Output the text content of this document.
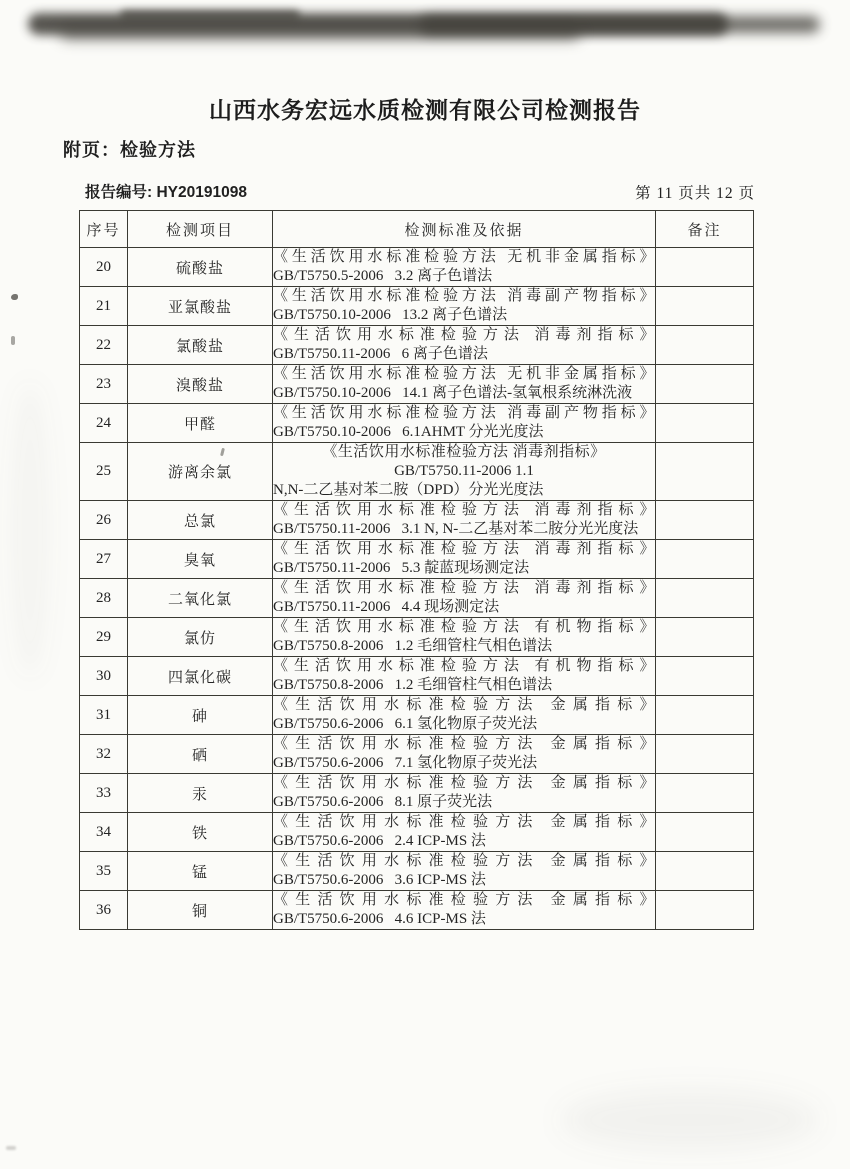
山西水务宏远水质检测有限公司检测报告
附页：检验方法
报告编号: HY20191098	第 11 页共 12 页
序号	检测项目	检测标准及依据	备注
20	硫酸盐	《生活饮用水标准检验方法 无机非金属指标》
GB/T5750.5-2006   3.2 离子色谱法	

21	亚氯酸盐	《生活饮用水标准检验方法 消毒副产物指标》
GB/T5750.10-2006   13.2 离子色谱法	

22	氯酸盐	《生活饮用水标准检验方法 消毒剂指标》
GB/T5750.11-2006   6 离子色谱法	

23	溴酸盐	《生活饮用水标准检验方法 无机非金属指标》
GB/T5750.10-2006   14.1 离子色谱法-氢氧根系统淋洗液	

24	甲醛	《生活饮用水标准检验方法 消毒副产物指标》
GB/T5750.10-2006   6.1AHMT 分光光度法	

25	游离余氯	《生活饮用水标准检验方法 消毒剂指标》
GB/T5750.11-2006 1.1
N,N-二乙基对苯二胺（DPD）分光光度法	

26	总氯	《生活饮用水标准检验方法 消毒剂指标》
GB/T5750.11-2006   3.1 N, N-二乙基对苯二胺分光光度法	

27	臭氧	《生活饮用水标准检验方法 消毒剂指标》
GB/T5750.11-2006   5.3 靛蓝现场测定法	

28	二氧化氯	《生活饮用水标准检验方法 消毒剂指标》
GB/T5750.11-2006   4.4 现场测定法	

29	氯仿	《生活饮用水标准检验方法 有机物指标》
GB/T5750.8-2006   1.2 毛细管柱气相色谱法	

30	四氯化碳	《生活饮用水标准检验方法 有机物指标》
GB/T5750.8-2006   1.2 毛细管柱气相色谱法	

31	砷	《生活饮用水标准检验方法 金属指标》
GB/T5750.6-2006   6.1 氢化物原子荧光法	

32	硒	《生活饮用水标准检验方法 金属指标》
GB/T5750.6-2006   7.1 氢化物原子荧光法	

33	汞	《生活饮用水标准检验方法 金属指标》
GB/T5750.6-2006   8.1 原子荧光法	

34	铁	《生活饮用水标准检验方法 金属指标》
GB/T5750.6-2006   2.4 ICP-MS 法	

35	锰	《生活饮用水标准检验方法 金属指标》
GB/T5750.6-2006   3.6 ICP-MS 法	

36	铜	《生活饮用水标准检验方法 金属指标》
GB/T5750.6-2006   4.6 ICP-MS 法	
